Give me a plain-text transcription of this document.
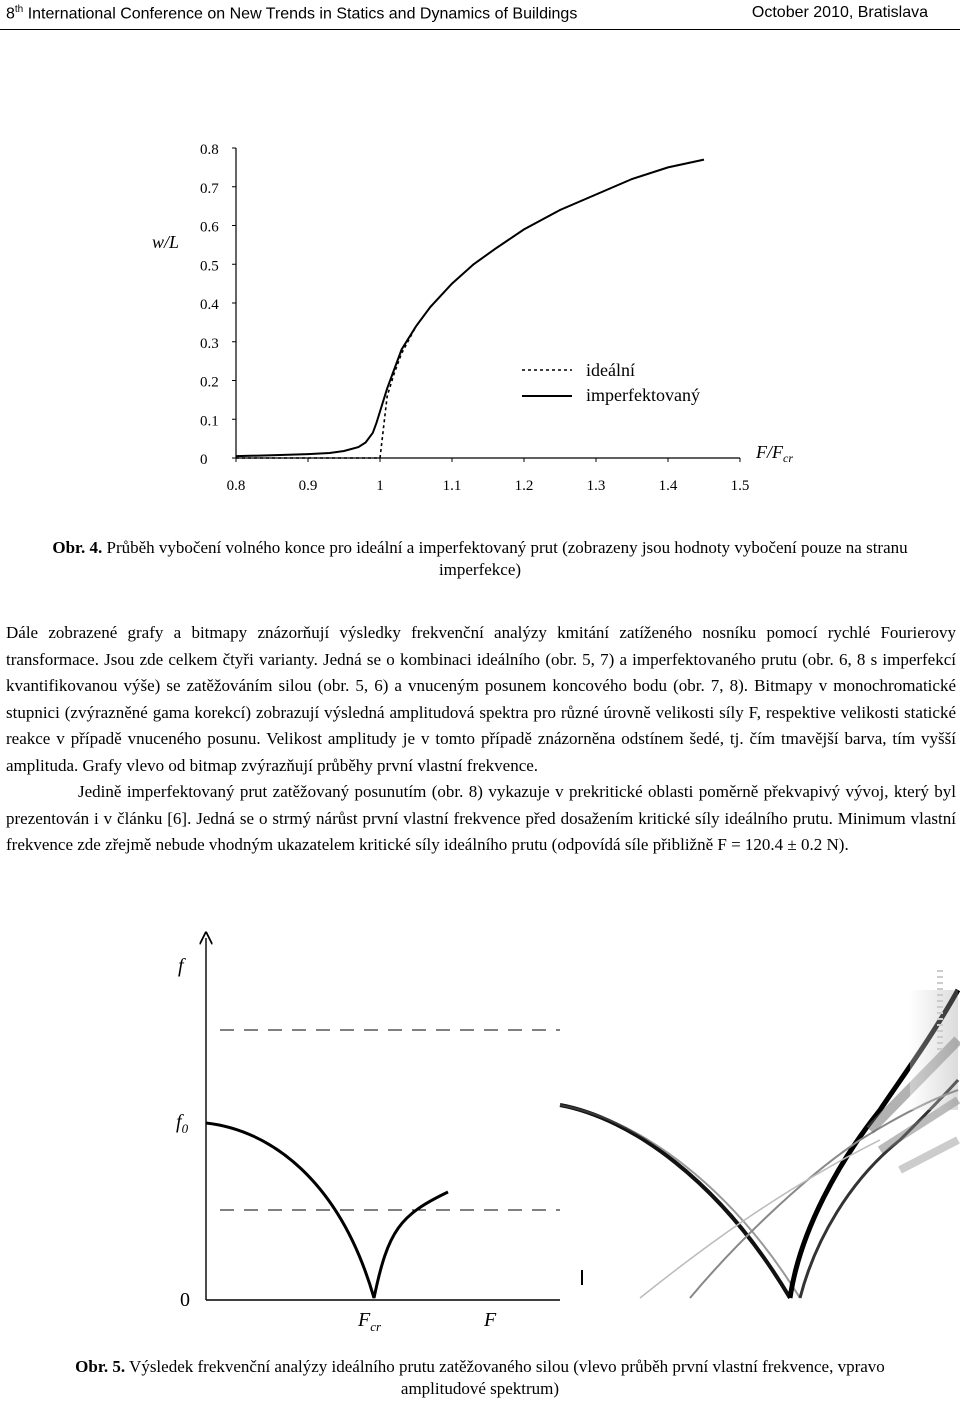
8th International Conference on New Trends in Statics and Dynamics of Buildings	October 2010, Bratislava
0
0.1
0.2
0.3
0.4
0.5
0.6
0.7
0.8
0.8	0.9	1	1.1	1.2	1.3	1.4	1.5
w/L
$F/F_{cr}$
ideální
imperfektovaný
Obr. 4. Průběh vybočení volného konce pro ideální a imperfektovaný prut (zobrazeny jsou hodnoty vybočení pouze na stranu imperfekce)

Dále zobrazené grafy a bitmapy znázorňují výsledky frekvenční analýzy kmitání zatíženého nosníku pomocí rychlé Fourierovy transformace. Jsou zde celkem čtyři varianty. Jedná se o kombinaci ideálního (obr. 5, 7) a imperfektovaného prutu (obr. 6, 8 s imperfekcí kvantifikovanou výše) se zatěžováním silou (obr. 5, 6) a vnuceným posunem koncového bodu (obr. 7, 8). Bitmapy v monochromatické stupnici (zvýrazněné gama korekcí) zobrazují výsledná amplitudová spektra pro různé úrovně velikosti síly F, respektive velikosti statické reakce v případě vnuceného posunu. Velikost amplitudy je v tomto případě znázorněna odstínem šedé, tj. čím tmavější barva, tím vyšší amplituda. Grafy vlevo od bitmap zvýrazňují průběhy první vlastní frekvence.

Jedině imperfektovaný prut zatěžovaný posunutím (obr. 8) vykazuje v prekritické oblasti poměrně překvapivý vývoj, který byl prezentován i v článku [6]. Jedná se o strmý nárůst první vlastní frekvence před dosažením kritické síly ideálního prutu. Minimum vlastní frekvence zde zřejmě nebude vhodným ukazatelem kritické síly ideálního prutu (odpovídá síle přibližně F = 120.4 ± 0.2 N).

f
$f_0$
0
$F_{cr}$	F
Obr. 5. Výsledek frekvenční analýzy ideálního prutu zatěžovaného silou (vlevo průběh první vlastní frekvence, vpravo amplitudové spektrum)
